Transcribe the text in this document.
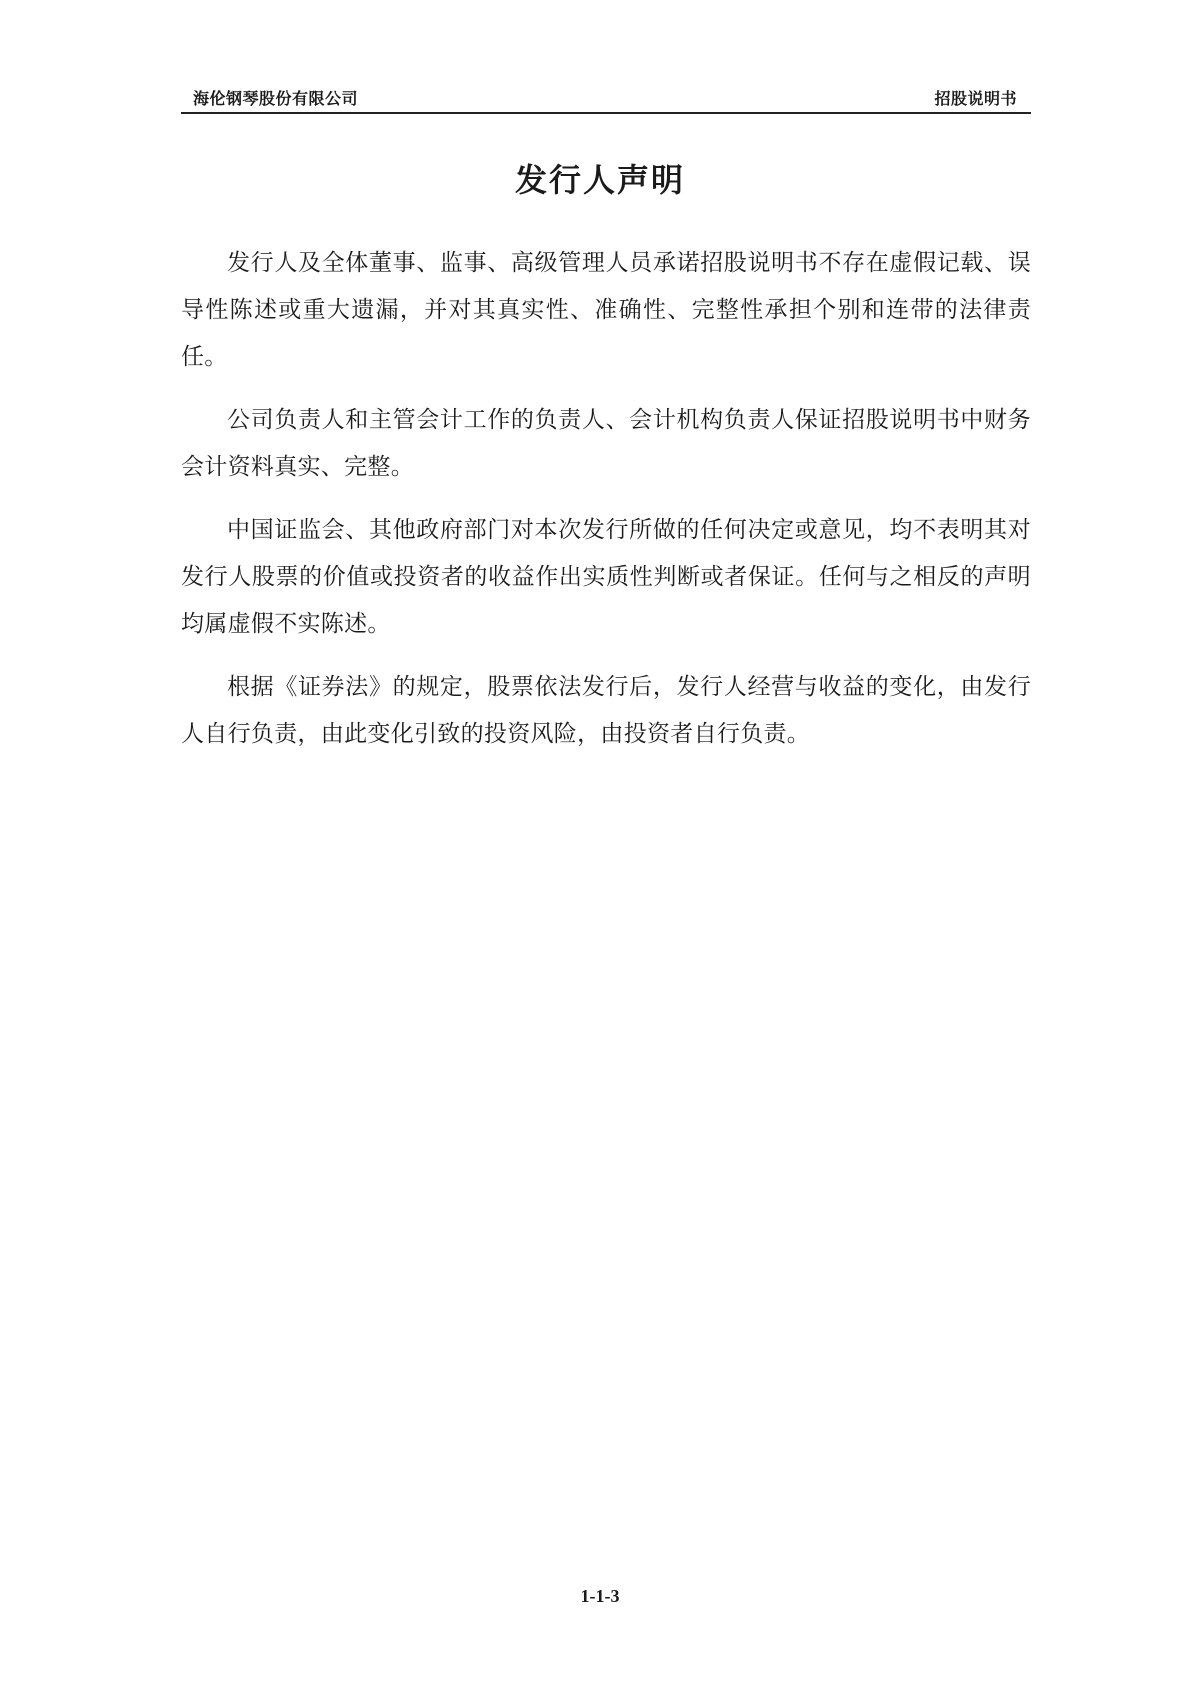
海伦钢琴股份有限公司	招股说明书
发行人声明

发行人及全体董事、监事、高级管理人员承诺招股说明书不存在虚假记载、误导性陈述或重大遗漏，并对其真实性、准确性、完整性承担个别和连带的法律责任。

公司负责人和主管会计工作的负责人、会计机构负责人保证招股说明书中财务会计资料真实、完整。

中国证监会、其他政府部门对本次发行所做的任何决定或意见，均不表明其对发行人股票的价值或投资者的收益作出实质性判断或者保证。任何与之相反的声明均属虚假不实陈述。

根据《证券法》的规定，股票依法发行后，发行人经营与收益的变化，由发行人自行负责，由此变化引致的投资风险，由投资者自行负责。

1-1-3
